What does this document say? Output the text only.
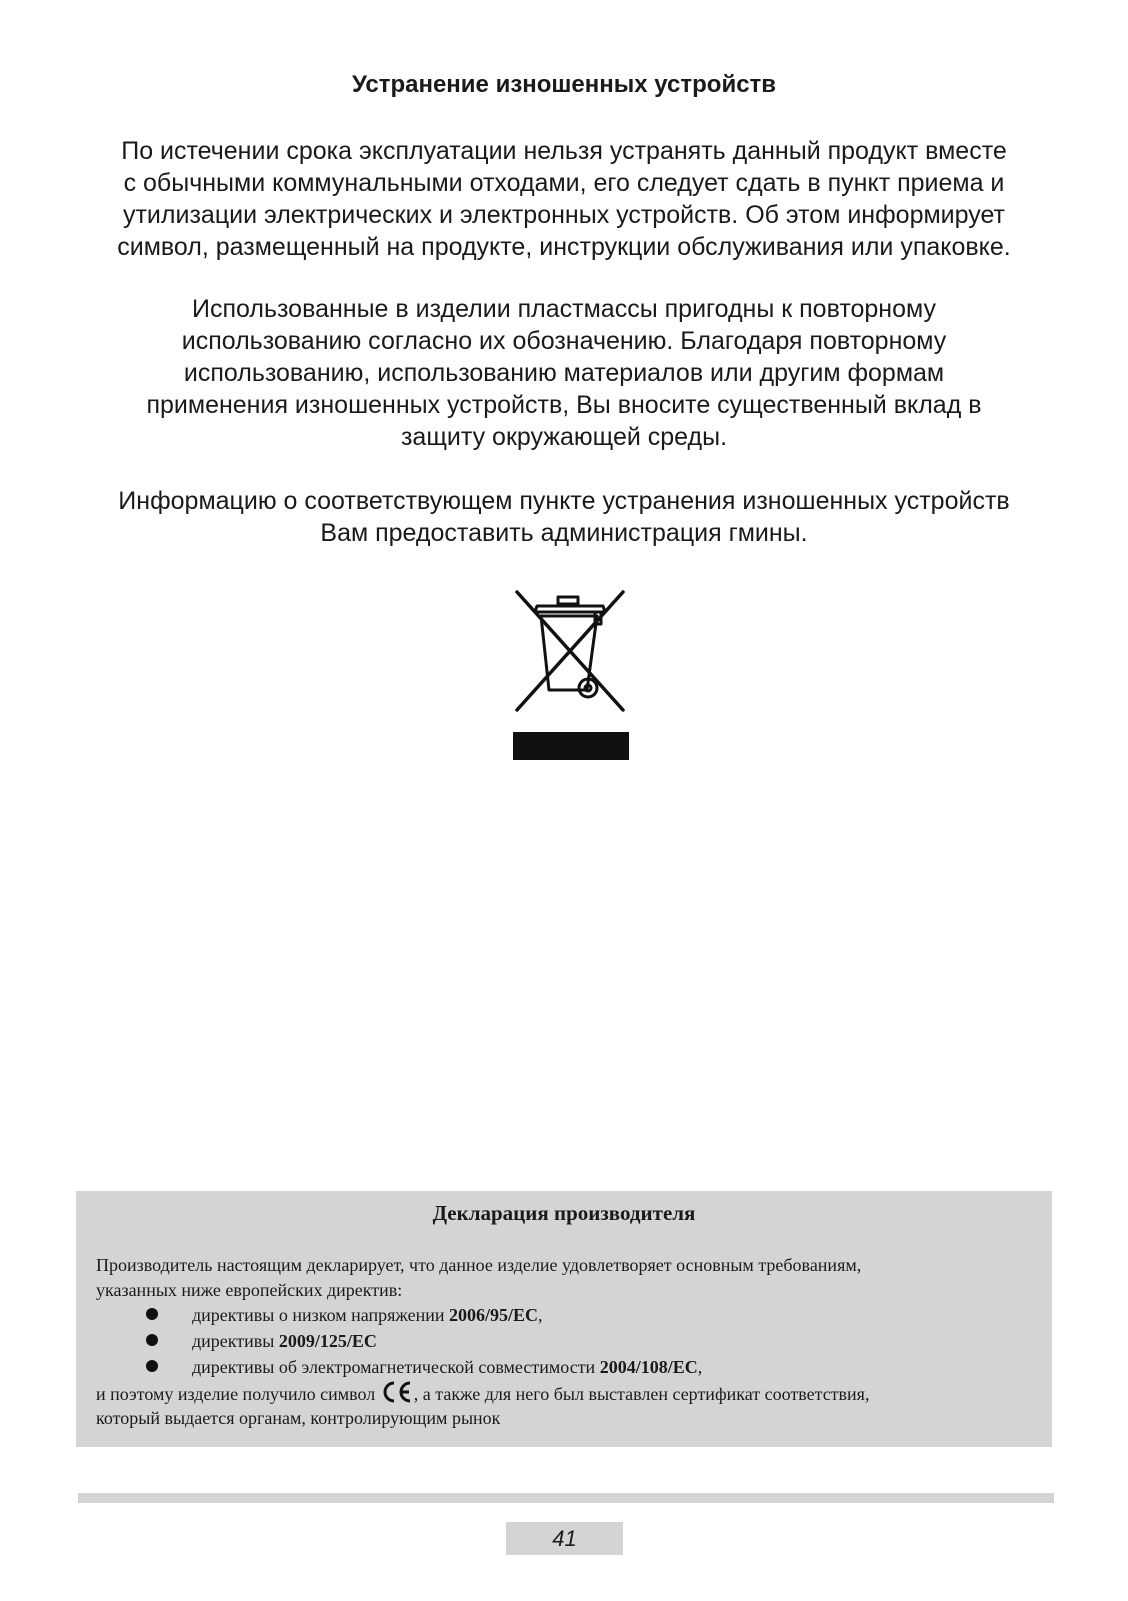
Устранение изношенных устройств

По истечении срока эксплуатации нельзя устранять данный продукт вместе
с обычными коммунальными отходами, его следует сдать в пункт приема и
утилизации электрических и электронных устройств. Об этом информирует
символ, размещенный на продукте, инструкции обслуживания или упаковке.

Использованные в изделии пластмассы пригодны к повторному
использованию согласно их обозначению. Благодаря повторному
использованию, использованию материалов или другим формам
применения изношенных устройств, Вы вносите существенный вклад в
защиту окружающей среды.

Информацию о соответствующем пункте устранения изношенных устройств
Вам предоставить администрация гмины.

Декларация производителя
Производитель настоящим декларирует, что данное изделие удовлетворяет основным требованиям,
указанных ниже европейских директив:
директивы о низком напряжении 2006/95/EC,
директивы 2009/125/EC
директивы об электромагнетической совместимости 2004/108/EC,
и поэтому изделие получило символ , а также для него был выставлен сертификат соответствия,
который выдается органам, контролирующим рынок
41
